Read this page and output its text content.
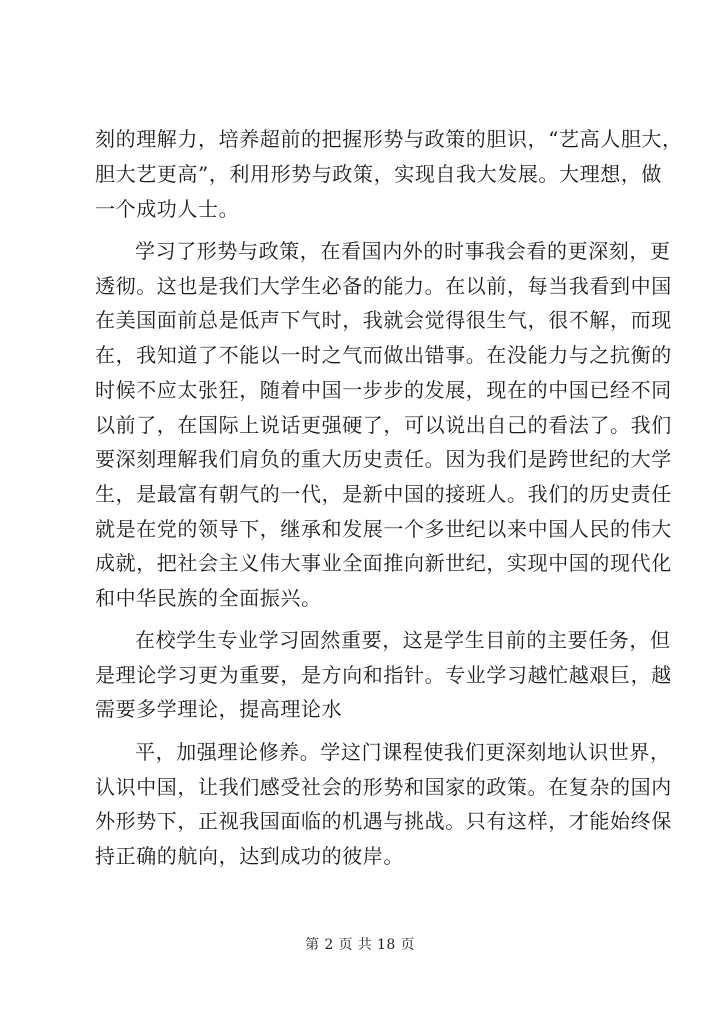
刻的理解力，培养超前的把握形势与政策的胆识，“艺高人胆大，
胆大艺更高”，利用形势与政策，实现自我大发展。大理想，做
一个成功人士。
学习了形势与政策，在看国内外的时事我会看的更深刻，更
透彻。这也是我们大学生必备的能力。在以前，每当我看到中国
在美国面前总是低声下气时，我就会觉得很生气，很不解，而现
在，我知道了不能以一时之气而做出错事。在没能力与之抗衡的
时候不应太张狂，随着中国一步步的发展，现在的中国已经不同
以前了，在国际上说话更强硬了，可以说出自己的看法了。我们
要深刻理解我们肩负的重大历史责任。因为我们是跨世纪的大学
生，是最富有朝气的一代，是新中国的接班人。我们的历史责任
就是在党的领导下，继承和发展一个多世纪以来中国人民的伟大
成就，把社会主义伟大事业全面推向新世纪，实现中国的现代化
和中华民族的全面振兴。
在校学生专业学习固然重要，这是学生目前的主要任务，但
是理论学习更为重要，是方向和指针。专业学习越忙越艰巨，越
需要多学理论，提高理论水
平，加强理论修养。学这门课程使我们更深刻地认识世界，
认识中国，让我们感受社会的形势和国家的政策。在复杂的国内
外形势下，正视我国面临的机遇与挑战。只有这样，才能始终保
持正确的航向，达到成功的彼岸。
第 2 页 共 18 页
